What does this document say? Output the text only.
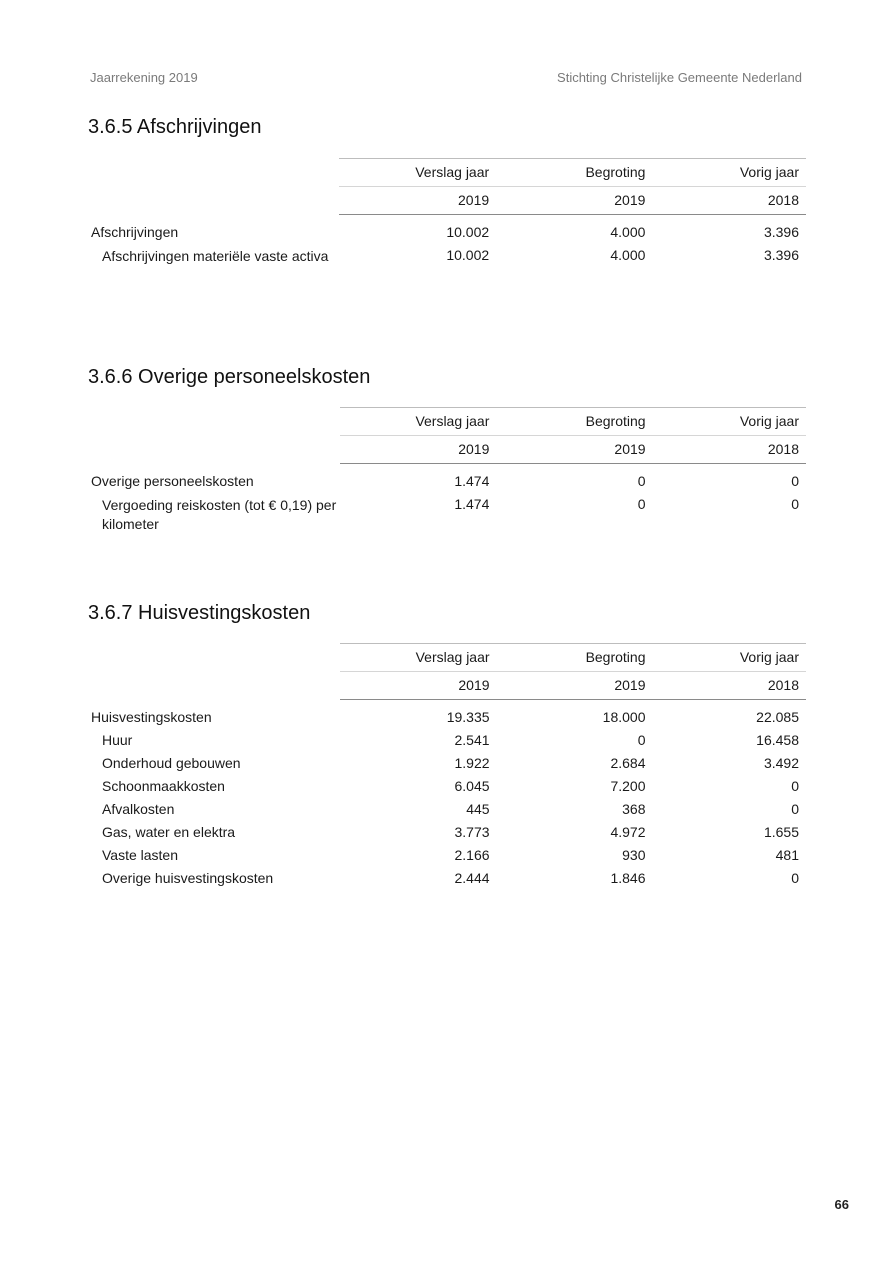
Jaarrekening 2019	Stichting Christelijke Gemeente Nederland
3.6.5 Afschrijvingen
	Verslag jaar	Begroting	Vorig jaar
	2019	2019	2018

Afschrijvingen	10.002	4.000	3.396
Afschrijvingen materiële vaste activa	10.002	4.000	3.396
3.6.6 Overige personeelskosten
	Verslag jaar	Begroting	Vorig jaar
	2019	2019	2018

Overige personeelskosten	1.474	0	0
Vergoeding reiskosten (tot € 0,19) per kilometer	1.474	0	0
3.6.7 Huisvestingskosten
	Verslag jaar	Begroting	Vorig jaar
	2019	2019	2018

Huisvestingskosten	19.335	18.000	22.085
Huur	2.541	0	16.458
Onderhoud gebouwen	1.922	2.684	3.492
Schoonmaakkosten	6.045	7.200	0
Afvalkosten	445	368	0
Gas, water en elektra	3.773	4.972	1.655
Vaste lasten	2.166	930	481
Overige huisvestingskosten	2.444	1.846	0
66
